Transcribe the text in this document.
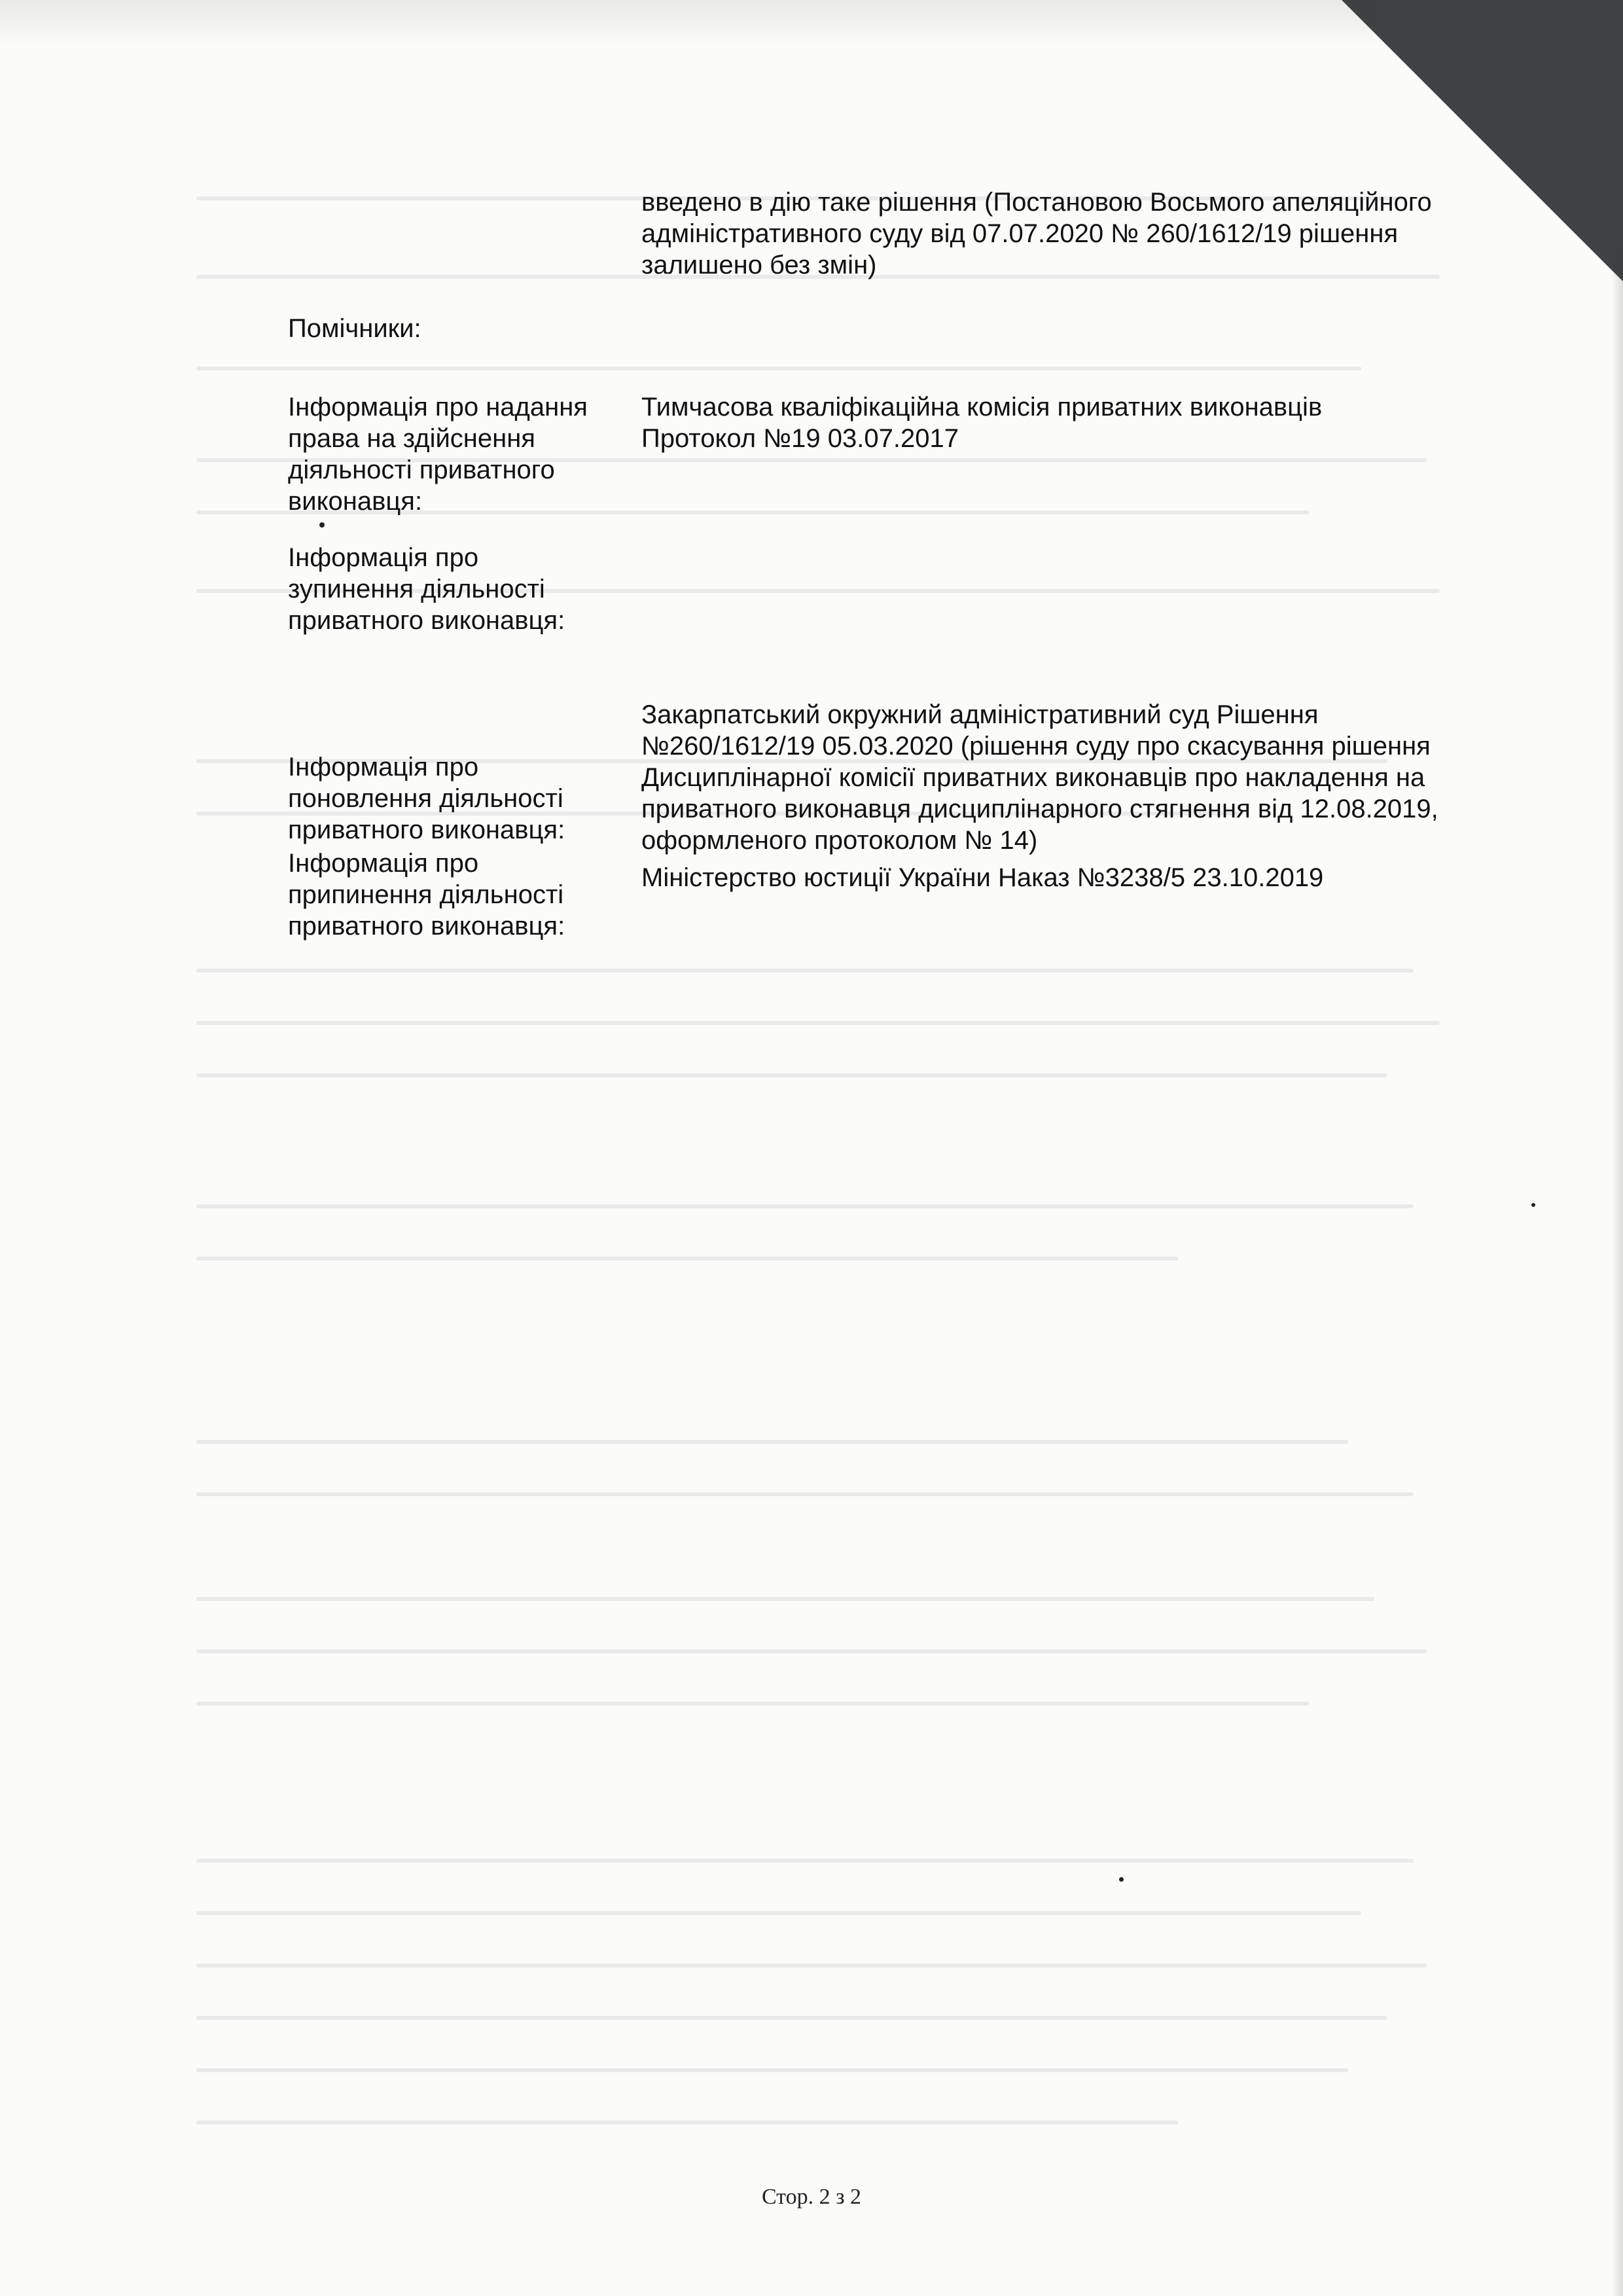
введено в дію таке рішення (Постановою Восьмого апеляційного
адміністративного суду від 07.07.2020 № 260/1612/19 рішення
залишено без змін)
Помічники:
Інформація про надання
права на здійснення
діяльності приватного
виконавця:
Тимчасова кваліфікаційна комісія приватних виконавців
Протокол №19 03.07.2017
Інформація про
зупинення діяльності
приватного виконавця:
Інформація про
поновлення діяльності
приватного виконавця:
Закарпатський окружний адміністративний суд Рішення
№260/1612/19 05.03.2020 (рішення суду про скасування рішення
Дисциплінарної комісії приватних виконавців про накладення на
приватного виконавця дисциплінарного стягнення від 12.08.2019,
оформленого протоколом № 14)
Інформація про
припинення діяльності
приватного виконавця:
Міністерство юстиції України Наказ №3238/5 23.10.2019
Стор. 2 з 2
